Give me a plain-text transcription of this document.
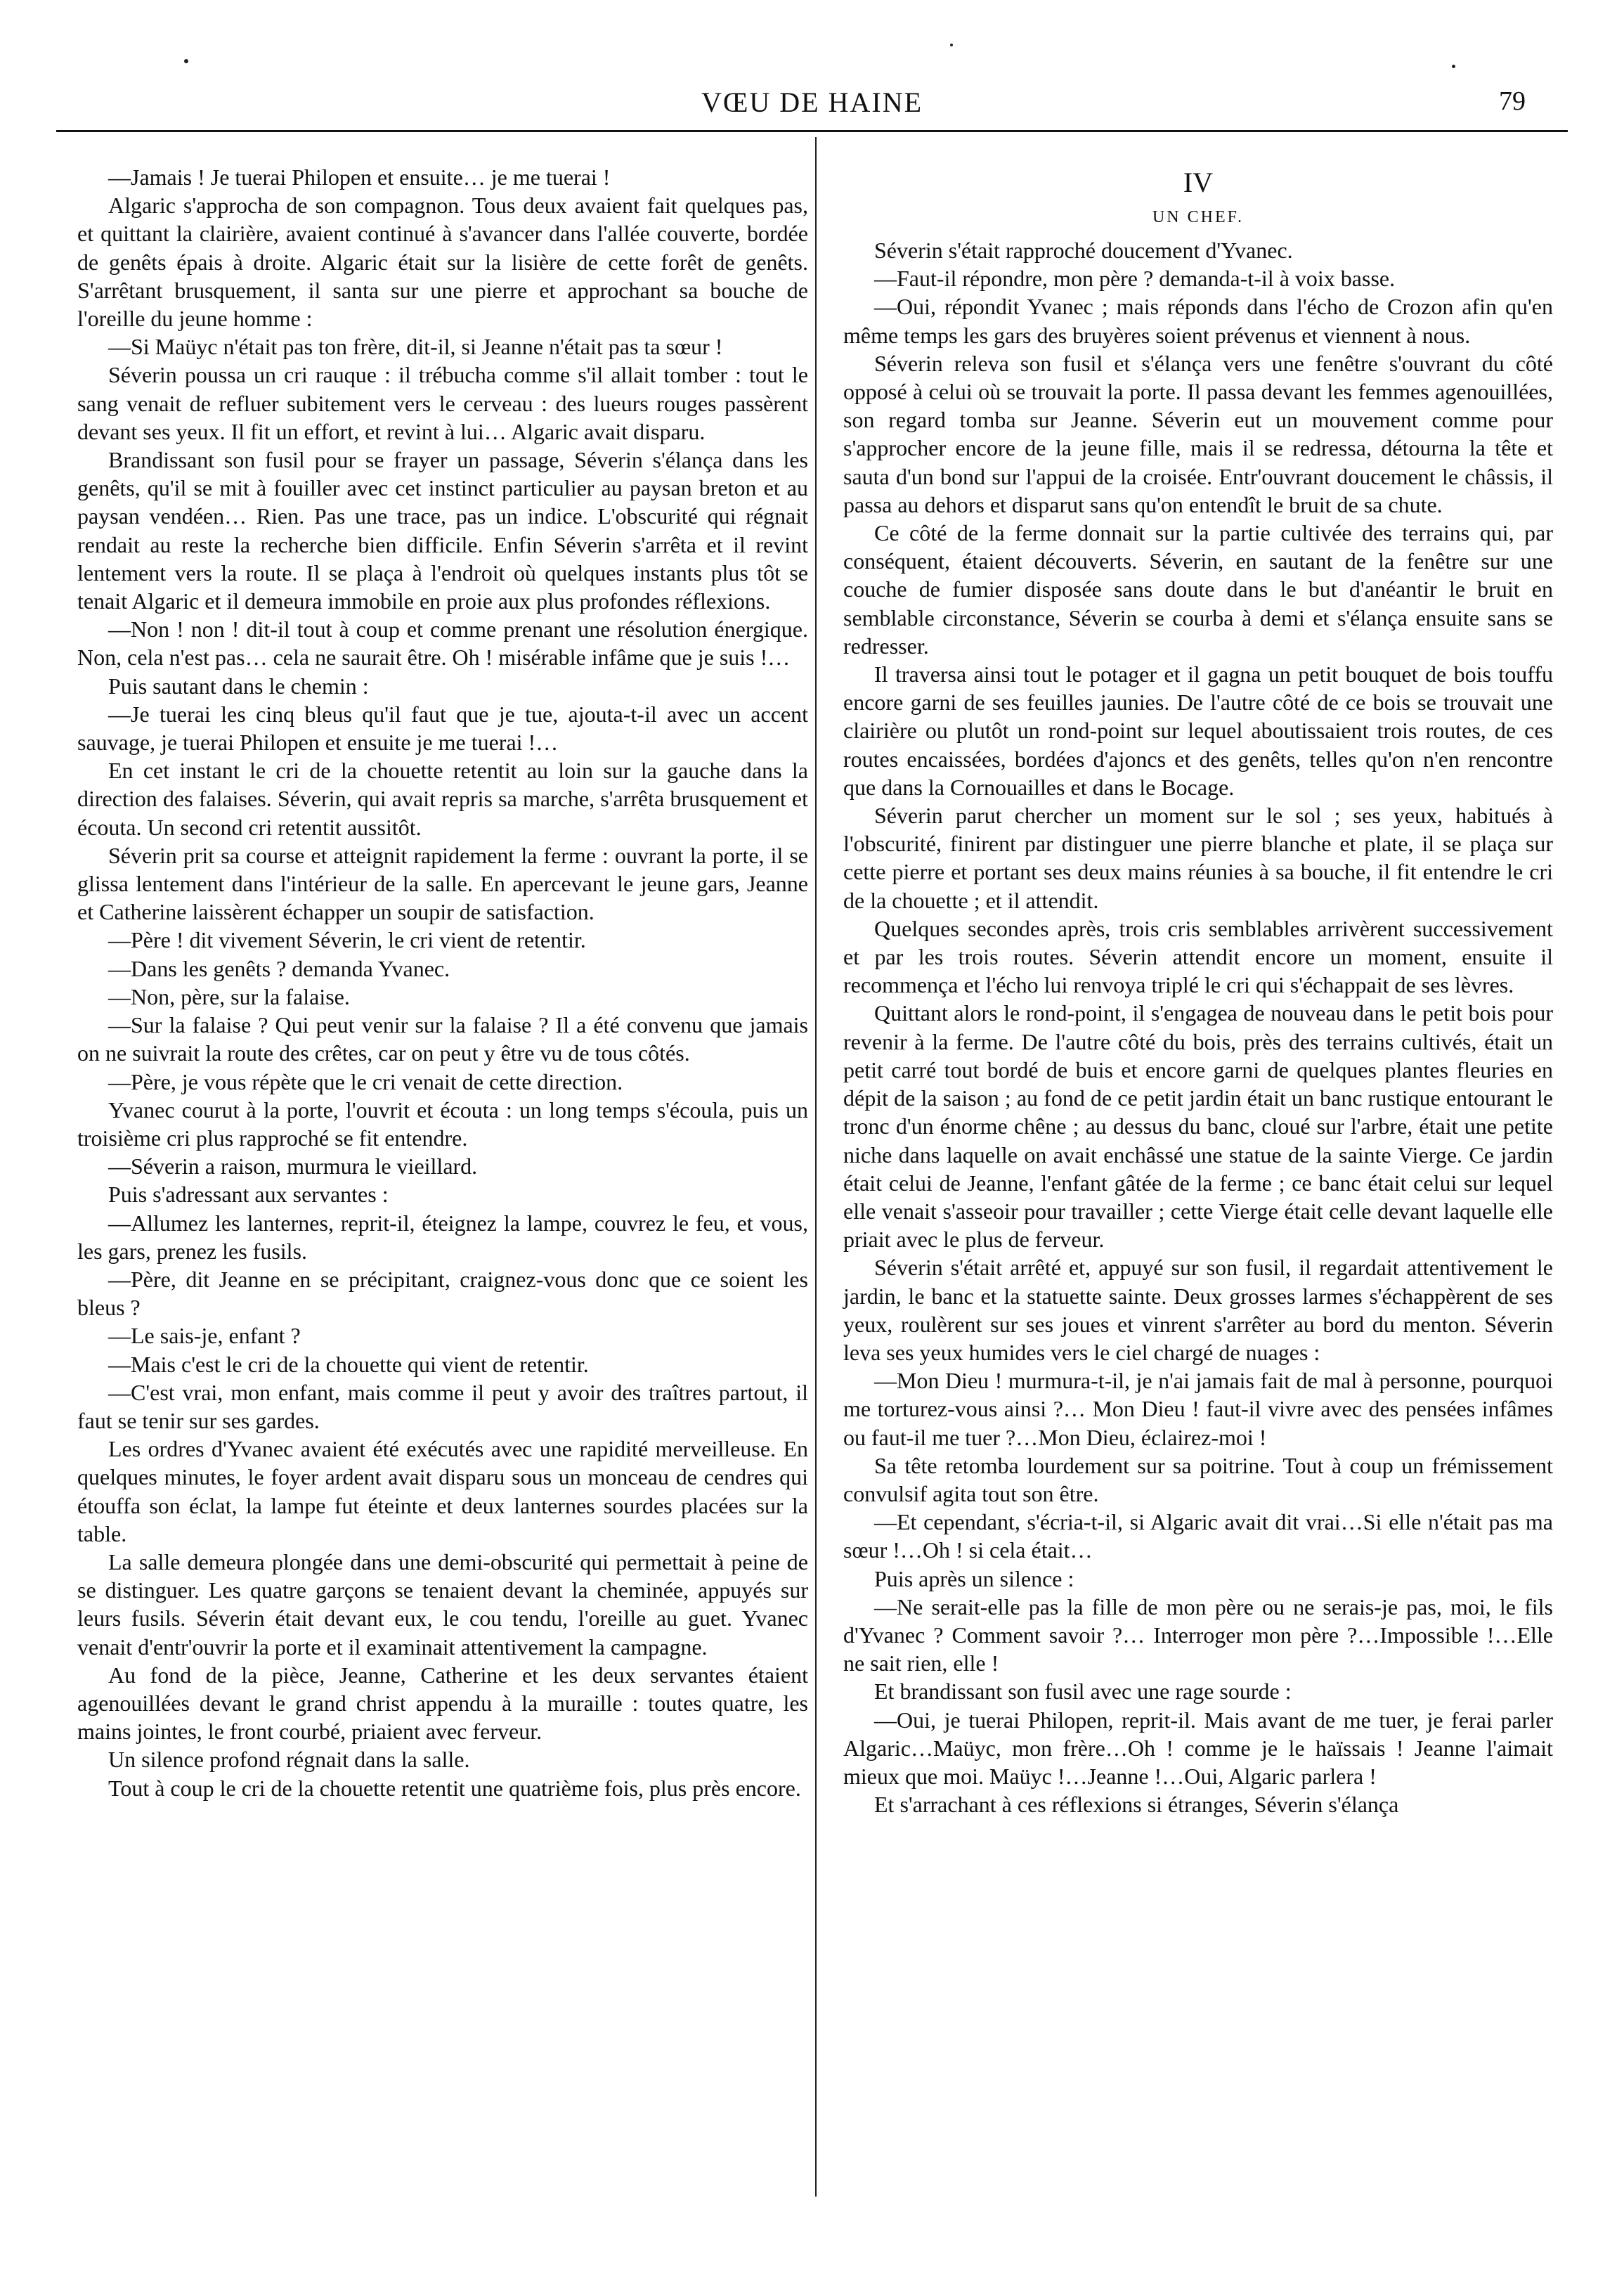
VŒU DE HAINE	79

—Jamais ! Je tuerai Philopen et ensuite… je me tuerai !

Algaric s'approcha de son compagnon. Tous deux avaient fait quelques pas, et quittant la clairière, avaient continué à s'avancer dans l'allée couverte, bordée de genêts épais à droite. Algaric était sur la lisière de cette forêt de genêts. S'arrêtant brusquement, il santa sur une pierre et approchant sa bouche de l'oreille du jeune homme :

—Si Maüyc n'était pas ton frère, dit-il, si Jeanne n'était pas ta sœur !

Séverin poussa un cri rauque : il trébucha comme s'il allait tomber : tout le sang venait de refluer subitement vers le cerveau : des lueurs rouges passèrent devant ses yeux. Il fit un effort, et revint à lui… Algaric avait disparu.

Brandissant son fusil pour se frayer un passage, Séverin s'élança dans les genêts, qu'il se mit à fouiller avec cet instinct particulier au paysan breton et au paysan vendéen… Rien. Pas une trace, pas un indice. L'obscurité qui régnait rendait au reste la recherche bien difficile. Enfin Séverin s'arrêta et il revint lentement vers la route. Il se plaça à l'endroit où quelques instants plus tôt se tenait Algaric et il demeura immobile en proie aux plus profondes réflexions.

—Non ! non ! dit-il tout à coup et comme prenant une résolution énergique. Non, cela n'est pas… cela ne saurait être. Oh ! misérable infâme que je suis !…

Puis sautant dans le chemin :

—Je tuerai les cinq bleus qu'il faut que je tue, ajouta-t-il avec un accent sauvage, je tuerai Philopen et ensuite je me tuerai !…

En cet instant le cri de la chouette retentit au loin sur la gauche dans la direction des falaises. Séverin, qui avait repris sa marche, s'arrêta brusquement et écouta. Un second cri retentit aussitôt.

Séverin prit sa course et atteignit rapidement la ferme : ouvrant la porte, il se glissa lentement dans l'intérieur de la salle. En apercevant le jeune gars, Jeanne et Catherine laissèrent échapper un soupir de satisfaction.

—Père ! dit vivement Séverin, le cri vient de retentir.

—Dans les genêts ? demanda Yvanec.

—Non, père, sur la falaise.

—Sur la falaise ? Qui peut venir sur la falaise ? Il a été convenu que jamais on ne suivrait la route des crêtes, car on peut y être vu de tous côtés.

—Père, je vous répète que le cri venait de cette direction.

Yvanec courut à la porte, l'ouvrit et écouta : un long temps s'écoula, puis un troisième cri plus rapproché se fit entendre.

—Séverin a raison, murmura le vieillard.

Puis s'adressant aux servantes :

—Allumez les lanternes, reprit-il, éteignez la lampe, couvrez le feu, et vous, les gars, prenez les fusils.

—Père, dit Jeanne en se précipitant, craignez-vous donc que ce soient les bleus ?

—Le sais-je, enfant ?

—Mais c'est le cri de la chouette qui vient de retentir.

—C'est vrai, mon enfant, mais comme il peut y avoir des traîtres partout, il faut se tenir sur ses gardes.

Les ordres d'Yvanec avaient été exécutés avec une rapidité merveilleuse. En quelques minutes, le foyer ardent avait disparu sous un monceau de cendres qui étouffa son éclat, la lampe fut éteinte et deux lanternes sourdes placées sur la table.

La salle demeura plongée dans une demi-obscurité qui permettait à peine de se distinguer. Les quatre garçons se tenaient devant la cheminée, appuyés sur leurs fusils. Séverin était devant eux, le cou tendu, l'oreille au guet. Yvanec venait d'entr'ouvrir la porte et il examinait attentivement la campagne.

Au fond de la pièce, Jeanne, Catherine et les deux servantes étaient agenouillées devant le grand christ appendu à la muraille : toutes quatre, les mains jointes, le front courbé, priaient avec ferveur.

Un silence profond régnait dans la salle.

Tout à coup le cri de la chouette retentit une quatrième fois, plus près encore.

IV
UN CHEF.

Séverin s'était rapproché doucement d'Yvanec.

—Faut-il répondre, mon père ? demanda-t-il à voix basse.

—Oui, répondit Yvanec ; mais réponds dans l'écho de Crozon afin qu'en même temps les gars des bruyères soient prévenus et viennent à nous.

Séverin releva son fusil et s'élança vers une fenêtre s'ouvrant du côté opposé à celui où se trouvait la porte. Il passa devant les femmes agenouillées, son regard tomba sur Jeanne. Séverin eut un mouvement comme pour s'approcher encore de la jeune fille, mais il se redressa, détourna la tête et sauta d'un bond sur l'appui de la croisée. Entr'ouvrant doucement le châssis, il passa au dehors et disparut sans qu'on entendît le bruit de sa chute.

Ce côté de la ferme donnait sur la partie cultivée des terrains qui, par conséquent, étaient découverts. Séverin, en sautant de la fenêtre sur une couche de fumier disposée sans doute dans le but d'anéantir le bruit en semblable circonstance, Séverin se courba à demi et s'élança ensuite sans se redresser.

Il traversa ainsi tout le potager et il gagna un petit bouquet de bois touffu encore garni de ses feuilles jaunies. De l'autre côté de ce bois se trouvait une clairière ou plutôt un rond-point sur lequel aboutissaient trois routes, de ces routes encaissées, bordées d'ajoncs et des genêts, telles qu'on n'en rencontre que dans la Cornouailles et dans le Bocage.

Séverin parut chercher un moment sur le sol ; ses yeux, habitués à l'obscurité, finirent par distinguer une pierre blanche et plate, il se plaça sur cette pierre et portant ses deux mains réunies à sa bouche, il fit entendre le cri de la chouette ; et il attendit.

Quelques secondes après, trois cris semblables arrivèrent successivement et par les trois routes. Séverin attendit encore un moment, ensuite il recommença et l'écho lui renvoya triplé le cri qui s'échappait de ses lèvres.

Quittant alors le rond-point, il s'engagea de nouveau dans le petit bois pour revenir à la ferme. De l'autre côté du bois, près des terrains cultivés, était un petit carré tout bordé de buis et encore garni de quelques plantes fleuries en dépit de la saison ; au fond de ce petit jardin était un banc rustique entourant le tronc d'un énorme chêne ; au dessus du banc, cloué sur l'arbre, était une petite niche dans laquelle on avait enchâssé une statue de la sainte Vierge. Ce jardin était celui de Jeanne, l'enfant gâtée de la ferme ; ce banc était celui sur lequel elle venait s'asseoir pour travailler ; cette Vierge était celle devant laquelle elle priait avec le plus de ferveur.

Séverin s'était arrêté et, appuyé sur son fusil, il regardait attentivement le jardin, le banc et la statuette sainte. Deux grosses larmes s'échappèrent de ses yeux, roulèrent sur ses joues et vinrent s'arrêter au bord du menton. Séverin leva ses yeux humides vers le ciel chargé de nuages :

—Mon Dieu ! murmura-t-il, je n'ai jamais fait de mal à personne, pourquoi me torturez-vous ainsi ?… Mon Dieu ! faut-il vivre avec des pensées infâmes ou faut-il me tuer ?…Mon Dieu, éclairez-moi !

Sa tête retomba lourdement sur sa poitrine. Tout à coup un frémissement convulsif agita tout son être.

—Et cependant, s'écria-t-il, si Algaric avait dit vrai…Si elle n'était pas ma sœur !…Oh ! si cela était…

Puis après un silence :

—Ne serait-elle pas la fille de mon père ou ne serais-je pas, moi, le fils d'Yvanec ? Comment savoir ?… Interroger mon père ?…Impossible !…Elle ne sait rien, elle !

Et brandissant son fusil avec une rage sourde :

—Oui, je tuerai Philopen, reprit-il. Mais avant de me tuer, je ferai parler Algaric…Maüyc, mon frère…Oh ! comme je le haïssais ! Jeanne l'aimait mieux que moi. Maüyc !…Jeanne !…Oui, Algaric parlera !

Et s'arrachant à ces réflexions si étranges, Séverin s'élança
